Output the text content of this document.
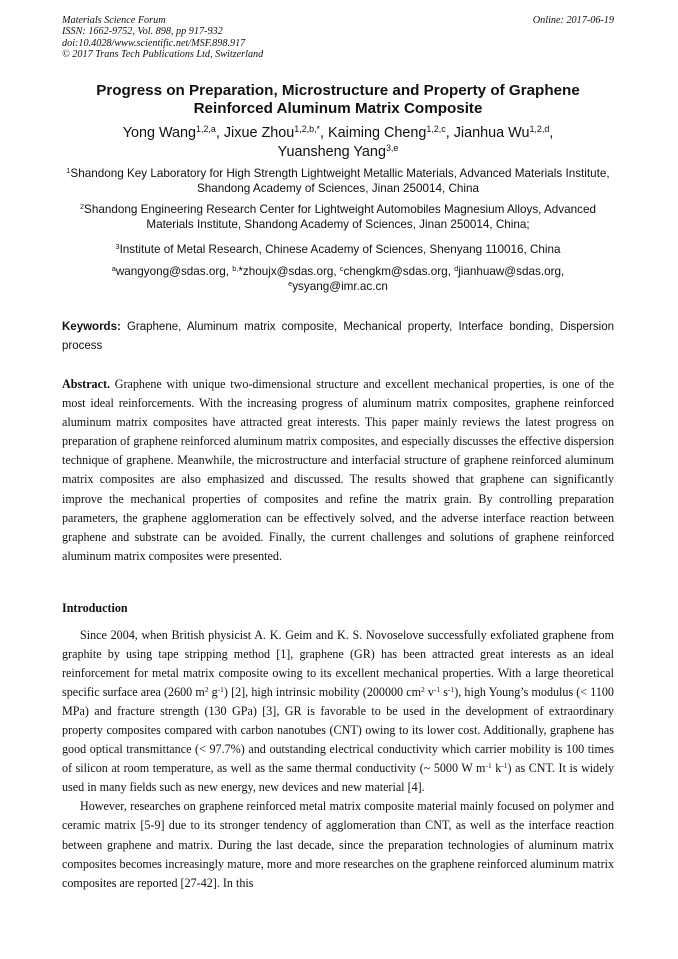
Materials Science Forum
ISSN: 1662-9752, Vol. 898, pp 917-932
doi:10.4028/www.scientific.net/MSF.898.917
© 2017 Trans Tech Publications Ltd, Switzerland
Online: 2017-06-19
Progress on Preparation, Microstructure and Property of Graphene
Reinforced Aluminum Matrix Composite
Yong Wang$^{1,2,a}$, Jixue Zhou$^{1,2,b,*}$, Kaiming Cheng$^{1,2,c}$, Jianhua Wu$^{1,2,d}$,
Yuansheng Yang$^{3,e}$
$^1$Shandong Key Laboratory for High Strength Lightweight Metallic Materials, Advanced Materials Institute, Shandong Academy of Sciences, Jinan 250014, China
$^2$Shandong Engineering Research Center for Lightweight Automobiles Magnesium Alloys, Advanced Materials Institute, Shandong Academy of Sciences, Jinan 250014, China;
$^3$Institute of Metal Research, Chinese Academy of Sciences, Shenyang 110016, China
$^a$wangyong@sdas.org, $^{b,}$*zhoujx@sdas.org, $^c$chengkm@sdas.org, $^d$jianhuaw@sdas.org,
$^e$ysyang@imr.ac.cn
Keywords: Graphene, Aluminum matrix composite, Mechanical property, Interface bonding, Dispersion process
Abstract. Graphene with unique two-dimensional structure and excellent mechanical properties, is one of the most ideal reinforcements. With the increasing progress of aluminum matrix composites, graphene reinforced aluminum matrix composites have attracted great interests. This paper mainly reviews the latest progress on preparation of graphene reinforced aluminum matrix composites, and especially discusses the effective dispersion technique of graphene. Meanwhile, the microstructure and interfacial structure of graphene reinforced aluminum matrix composites are also emphasized and discussed. The results showed that graphene can significantly improve the mechanical properties of composites and refine the matrix grain. By controlling preparation parameters, the graphene agglomeration can be effectively solved, and the adverse interface reaction between graphene and substrate can be avoided. Finally, the current challenges and solutions of graphene reinforced aluminum matrix composites were presented.
Introduction

Since 2004, when British physicist A. K. Geim and K. S. Novoselove successfully exfoliated graphene from graphite by using tape stripping method [1], graphene (GR) has been attracted great interests as an ideal reinforcement for metal matrix composite owing to its excellent mechanical properties. With a large theoretical specific surface area (2600 $m^2$ $g^{-1}$) [2], high intrinsic mobility (200000 $cm^2$ $v^{-1}$ $s^{-1}$), high Young’s modulus (< 1100 MPa) and fracture strength (130 GPa) [3], GR is favorable to be used in the development of extraordinary property composites compared with carbon nanotubes (CNT) owing to its lower cost. Additionally, graphene has good optical transmittance (< 97.7%) and outstanding electrical conductivity which carrier mobility is 100 times of silicon at room temperature, as well as the same thermal conductivity (~ 5000 W $m^{-1}$ $k^{-1}$) as CNT. It is widely used in many fields such as new energy, new devices and new material [4].

However, researches on graphene reinforced metal matrix composite material mainly focused on polymer and ceramic matrix [5-9] due to its stronger tendency of agglomeration than CNT, as well as the interface reaction between graphene and matrix. During the last decade, since the preparation technologies of aluminum matrix composites becomes increasingly mature, more and more researches on the graphene reinforced aluminum matrix composites are reported [27-42]. In this
